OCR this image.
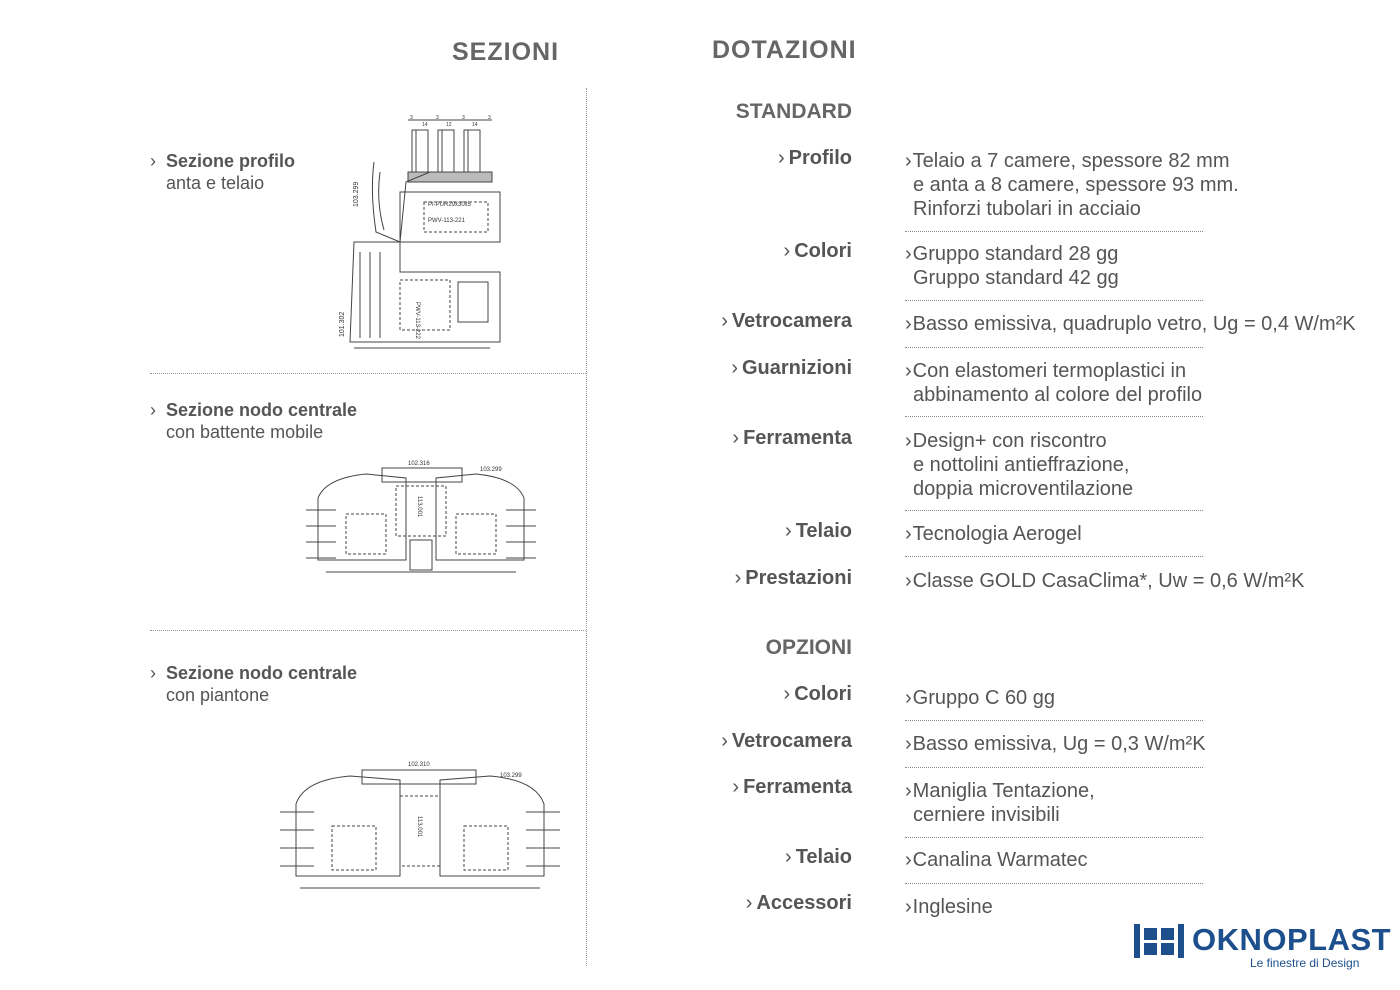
SEZIONI
› Sezione profilo
anta e telaio
3
14
3
12
3
14
3
PI-PUR29x30x5
PWV-113-221
PWV-113-222
103.299
101.302
› Sezione nodo centrale
con battente mobile
102.316
103.299
113.001
› Sezione nodo centrale
con piantone
102.310
103.299
113.001
DOTAZIONI
STANDARD
› Profilo	›Telaio a 7 camere, spessore 82 mm
e anta a 8 camere, spessore 93 mm.
Rinforzi tubolari in acciaio
› Colori	›Gruppo standard 28 gg
Gruppo standard 42 gg
› Vetrocamera	›Basso emissiva, quadruplo vetro, Ug = 0,4 W/m²K
› Guarnizioni	›Con elastomeri termoplastici in
abbinamento al colore del profilo
› Ferramenta	›Design+ con riscontro
e nottolini antieffrazione,
doppia microventilazione
› Telaio	›Tecnologia Aerogel
› Prestazioni	›Classe GOLD CasaClima*, Uw = 0,6 W/m²K
OPZIONI
› Colori	›Gruppo C 60 gg
› Vetrocamera	›Basso emissiva, Ug = 0,3 W/m²K
› Ferramenta	›Maniglia Tentazione,
cerniere invisibili
› Telaio	›Canalina Warmatec
› Accessori	›Inglesine
OKNOPLAST
Le finestre di Design
